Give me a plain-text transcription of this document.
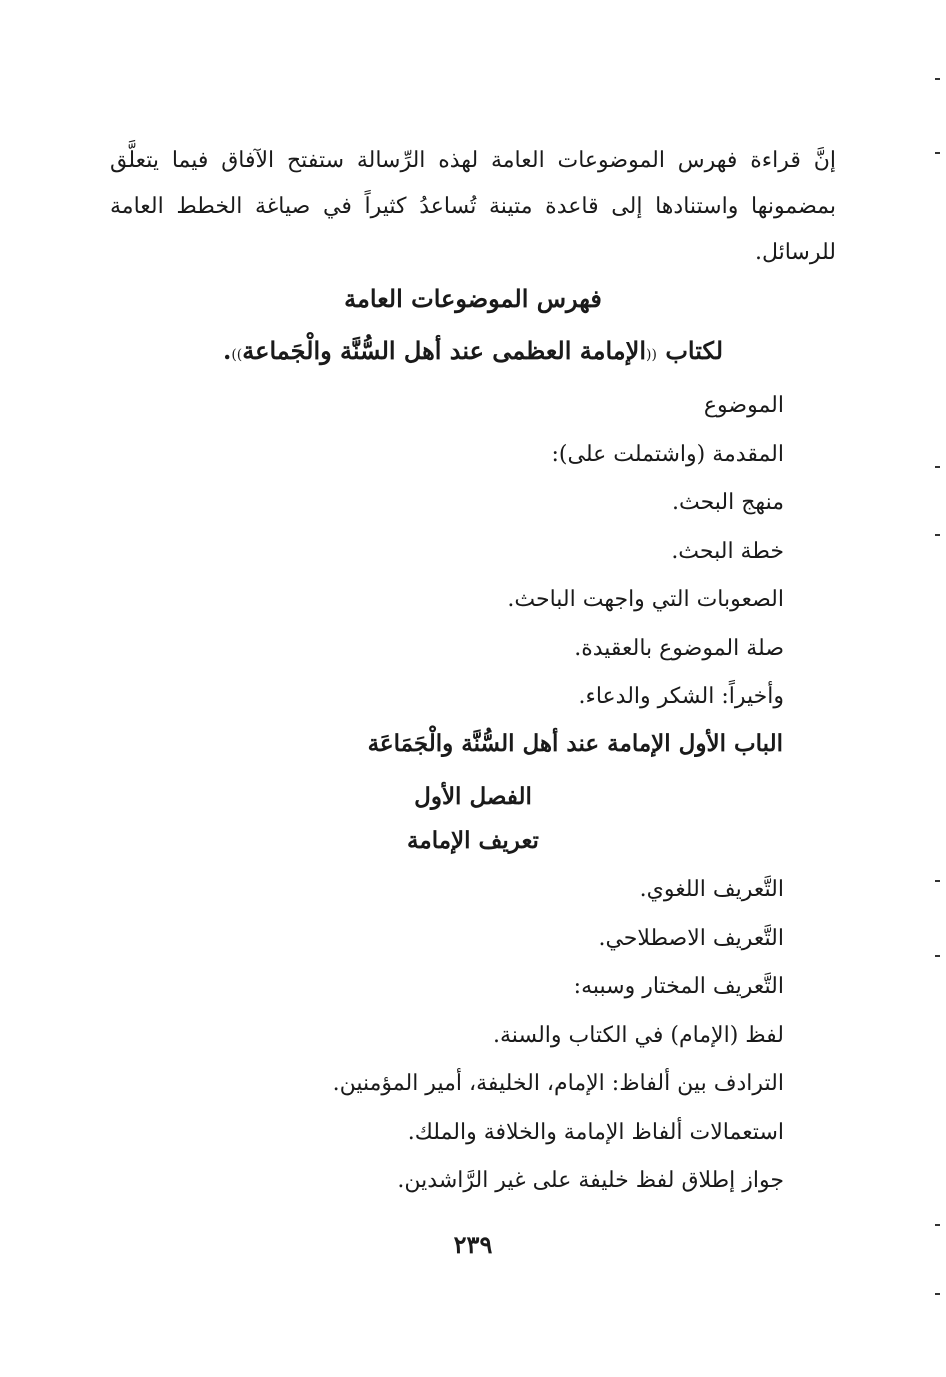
إنَّ قراءة فهرس الموضوعات العامة لهذه الرِّسالة ستفتح الآفاق فيما يتعلَّق بمضمونها واستنادها إلى قاعدة متينة تُساعدُ كثيراً في صياغة الخطط العامة للرسائل.

فهرس الموضوعات العامة
لكتاب ((الإمامة العظمى عند أهل السُّنَّة والْجَماعة)).
الموضوع
المقدمة (واشتملت على):
منهج البحث.
خطة البحث.
الصعوبات التي واجهت الباحث.
صلة الموضوع بالعقيدة.
وأخيراً: الشكر والدعاء.
الباب الأول الإمامة عند أهل السُّنَّة والْجَمَاعَة
الفصل الأول
تعريف الإمامة
التَّعريف اللغوي.
التَّعريف الاصطلاحي.
التَّعريف المختار وسببه:
لفظ (الإمام) في الكتاب والسنة.
الترادف بين ألفاظ: الإمام، الخليفة، أمير المؤمنين.
استعمالات ألفاظ الإمامة والخلافة والملك.
جواز إطلاق لفظ خليفة على غير الرَّاشدين.
٢٣٩
